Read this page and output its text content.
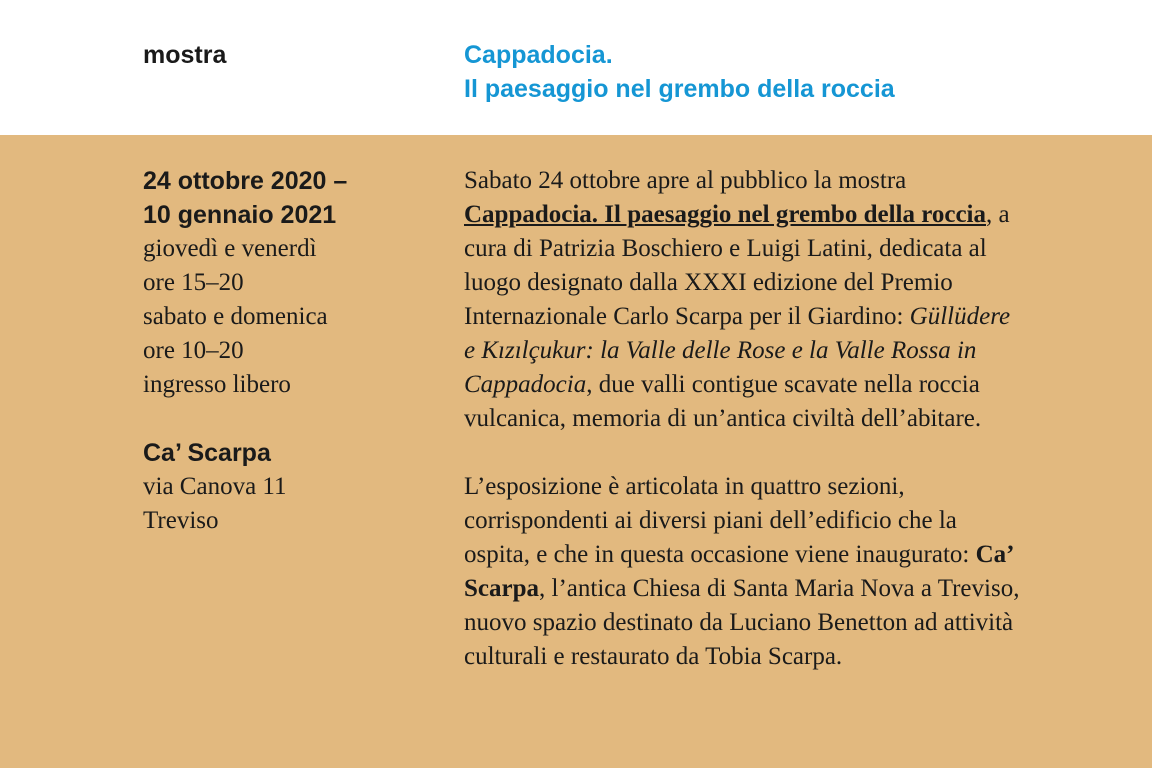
mostra	Cappadocia.
Il paesaggio nel grembo della roccia
24 ottobre 2020 –
10 gennaio 2021
giovedì e venerdì
ore 15–20
sabato e domenica
ore 10–20
ingresso libero
Ca’ Scarpa
via Canova 11
Treviso

Sabato 24 ottobre apre al pubblico la mostra Cappadocia. Il paesaggio nel grembo della roccia, a cura di Patrizia Boschiero e Luigi Latini, dedicata al luogo designato dalla XXXI edizione del Premio Internazionale Carlo Scarpa per il Giardino: Güllüdere e Kızılçukur: la Valle delle Rose e la Valle Rossa in Cappadocia, due valli contigue scavate nella roccia vulcanica, memoria di un’antica civiltà dell’abitare.

L’esposizione è articolata in quattro sezioni, corrispondenti ai diversi piani dell’edificio che la ospita, e che in questa occasione viene inaugurato: Ca’ Scarpa, l’antica Chiesa di Santa Maria Nova a Treviso, nuovo spazio destinato da Luciano Benetton ad attività culturali e restaurato da Tobia Scarpa.
